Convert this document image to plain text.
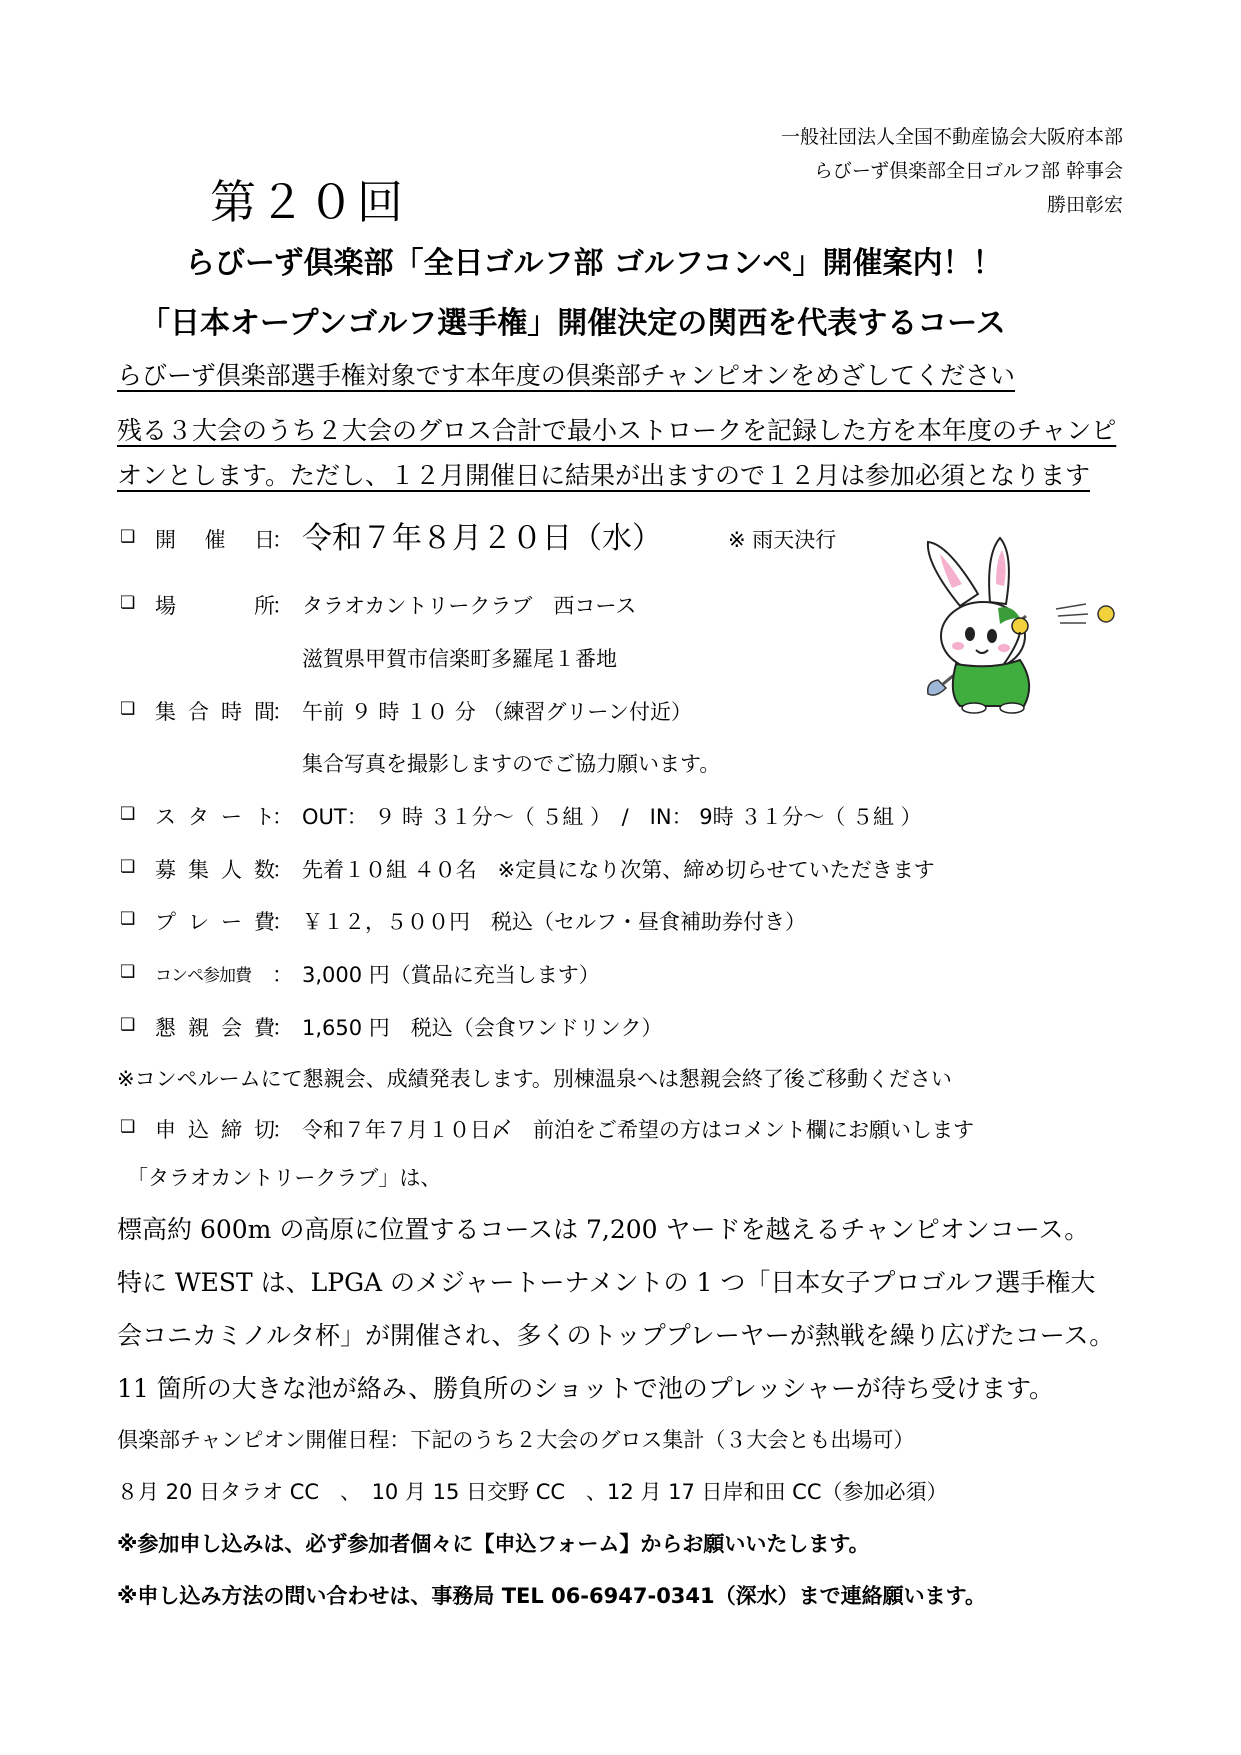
一般社団法人全国不動産協会大阪府本部
らびーず倶楽部全日ゴルフ部 幹事会
勝田彰宏
第２０回
らびーず倶楽部「全日ゴルフ部 ゴルフコンペ」開催案内！！
「日本オープンゴルフ選手権」開催決定の関西を代表するコース
らびーず倶楽部選手権対象です本年度の倶楽部チャンピオンをめざしてください
残る３大会のうち２大会のグロス合計で最小ストロークを記録した方を本年度のチャンピ
オンとします。ただし、１２月開催日に結果が出ますので１２月は参加必須となります
❏ 開 催 日
： 令和７年８月２０日（水）	※ 雨天決行
❏ 場	所
： タラオカントリークラブ　西コース
滋賀県甲賀市信楽町多羅尾１番地
❏ 集 合 時 間
： 午前 ９ 時 １０ 分 （練習グリーン付近）
集合写真を撮影しますのでご協力願います。
❏ ス タ ー ト
： OUT： ９ 時 ３１分～（ ５組 ）　/　IN： 9時 ３１分～（ ５組 ）
❏ 募 集 人 数
： 先着１０組 ４０名　※定員になり次第、締め切らせていただきます
❏ プ レ ー 費
： ￥１２，５００円　税込（セルフ・昼食補助券付き）
❏ コンペ参加費 ： 3,000 円（賞品に充当します）
❏ 懇 親 会 費
： 1,650 円　税込（会食ワンドリンク）
※コンペルームにて懇親会、成績発表します。別棟温泉へは懇親会終了後ご移動ください
❏ 申 込 締 切
： 令和７年７月１０日〆　前泊をご希望の方はコメント欄にお願いします
「タラオカントリークラブ」は、
標高約 600m の高原に位置するコースは 7,200 ヤードを越えるチャンピオンコース。
特に WEST は、LPGA のメジャートーナメントの 1 つ「日本女子プロゴルフ選手権大
会コニカミノルタ杯」が開催され、多くのトッププレーヤーが熱戦を繰り広げたコース。
11 箇所の大きな池が絡み、勝負所のショットで池のプレッシャーが待ち受けます。
倶楽部チャンピオン開催日程：下記のうち２大会のグロス集計（３大会とも出場可）
８月 20 日タラオ CC　、　10 月 15 日交野 CC　、12 月 17 日岸和田 CC（参加必須）
※参加申し込みは、必ず参加者個々に【申込フォーム】からお願いいたします。
※申し込み方法の問い合わせは、事務局 TEL 06-6947-0341（深水）まで連絡願います。
